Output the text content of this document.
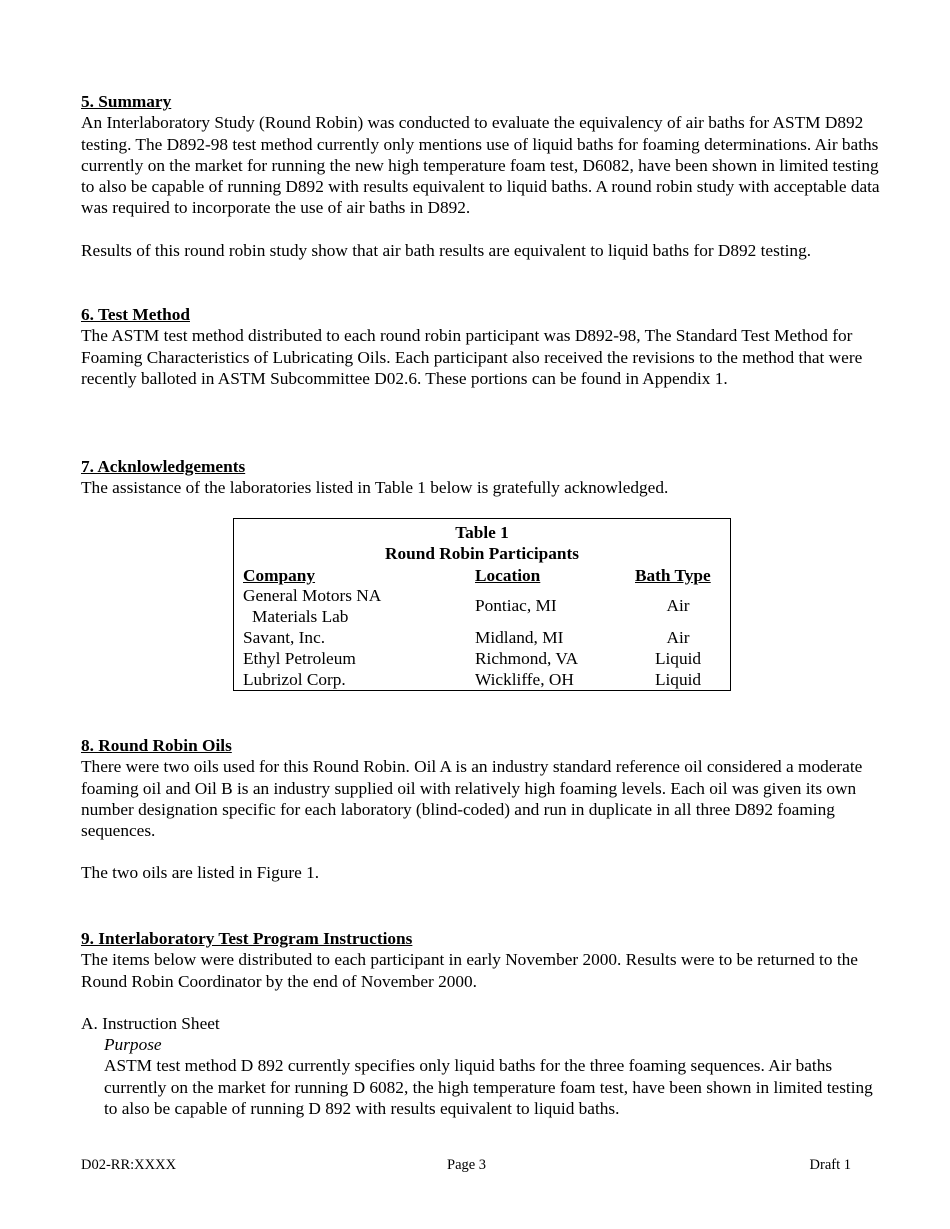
5. Summary

An Interlaboratory Study (Round Robin) was conducted to evaluate the equivalency of air baths for ASTM D892 testing. The D892-98 test method currently only mentions use of liquid baths for foaming determinations. Air baths currently on the market for running the new high temperature foam test, D6082, have been shown in limited testing to also be capable of running D892 with results equivalent to liquid baths. A round robin study with acceptable data was required to incorporate the use of air baths in D892.

Results of this round robin study show that air bath results are equivalent to liquid baths for D892 testing.

6. Test Method

The ASTM test method distributed to each round robin participant was D892-98, The Standard Test Method for Foaming Characteristics of Lubricating Oils. Each participant also received the revisions to the method that were recently balloted in ASTM Subcommittee D02.6. These portions can be found in Appendix 1.

7. Acknlowledgements

The assistance of the laboratories listed in Table 1 below is gratefully acknowledged.

Table 1
Round Robin Participants
Company	Location	Bath Type
General Motors NA
Materials Lab
Pontiac, MI	Air
Savant, Inc.	Midland, MI	Air
Ethyl Petroleum	Richmond, VA	Liquid
Lubrizol Corp.	Wickliffe, OH	Liquid
8. Round Robin Oils

There were two oils used for this Round Robin. Oil A is an industry standard reference oil considered a moderate foaming oil and Oil B is an industry supplied oil with relatively high foaming levels. Each oil was given its own number designation specific for each laboratory (blind-coded) and run in duplicate in all three D892 foaming sequences.

The two oils are listed in Figure 1.

9. Interlaboratory Test Program Instructions

The items below were distributed to each participant in early November 2000. Results were to be returned to the Round Robin Coordinator by the end of November 2000.

A. Instruction Sheet
Purpose
ASTM test method D 892 currently specifies only liquid baths for the three foaming sequences. Air baths currently on the market for running D 6082, the high temperature foam test, have been shown in limited testing to also be capable of running D 892 with results equivalent to liquid baths.
D02-RR:XXXX	Page 3	Draft 1
